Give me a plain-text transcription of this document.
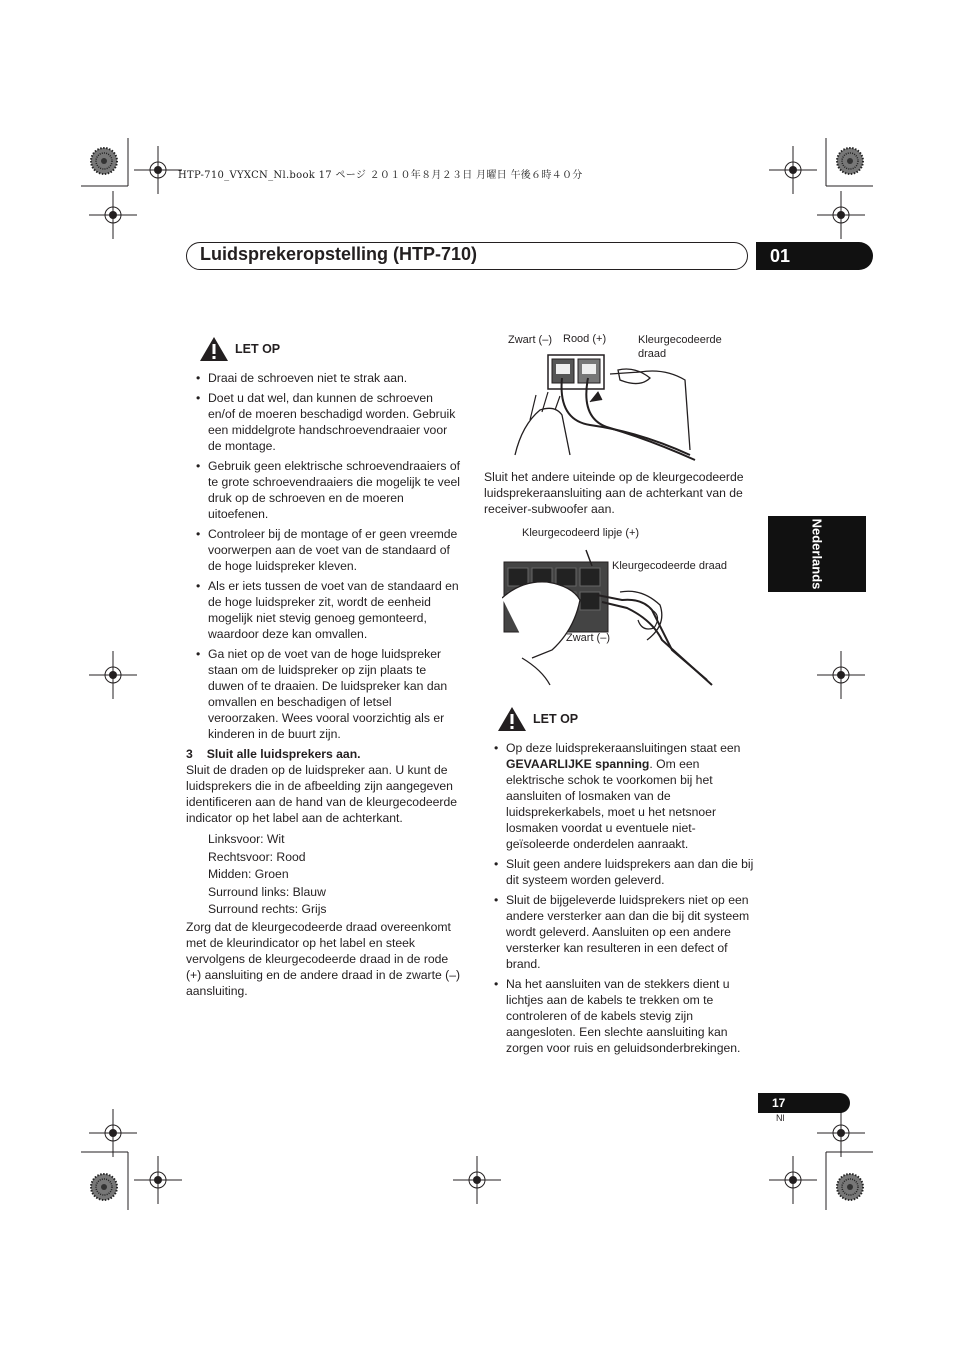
HTP-710_VYXCN_Nl.book 17 ページ ２０１０年８月２３日 月曜日 午後６時４０分
Luidsprekeropstelling (HTP-710)	01
Nederlands
LET OP
• Draai de schroeven niet te strak aan.
• Doet u dat wel, dan kunnen de schroeven en/of de moeren beschadigd worden. Gebruik een middelgrote handschroevendraaier voor de montage.
• Gebruik geen elektrische schroevendraaiers of te grote schroevendraaiers die mogelijk te veel druk op de schroeven en de moeren uitoefenen.
• Controleer bij de montage of er geen vreemde voorwerpen aan de voet van de standaard of de hoge luidspreker kleven.
• Als er iets tussen de voet van de standaard en de hoge luidspreker zit, wordt de eenheid mogelijk niet stevig genoeg gemonteerd, waardoor deze kan omvallen.
• Ga niet op de voet van de hoge luidspreker staan om de luidspreker op zijn plaats te duwen of te draaien. De luidspreker kan dan omvallen en beschadigen of letsel veroorzaken. Wees vooral voorzichtig als er kinderen in de buurt zijn.
3 Sluit alle luidsprekers aan.
Sluit de draden op de luidspreker aan. U kunt de luidsprekers die in de afbeelding zijn aangegeven identificeren aan de hand van de kleurgecodeerde indicator op het label aan de achterkant.
Linksvoor: Wit
Rechtsvoor: Rood
Midden: Groen
Surround links: Blauw
Surround rechts: Grijs
Zorg dat de kleurgecodeerde draad overeenkomt met de kleurindicator op het label en steek vervolgens de kleurgecodeerde draad in de rode (+) aansluiting en de andere draad in de zwarte (–) aansluiting.
Zwart (–) Rood (+)	Kleurgecodeerde
draad
Sluit het andere uiteinde op de kleurgecodeerde luidsprekeraansluiting aan de achterkant van de receiver-subwoofer aan.
Kleurgecodeerd lipje (+)
Kleurgecodeerde draad
Zwart (–)
LET OP
• Op deze luidsprekeraansluitingen staat een GEVAARLIJKE spanning. Om een elektrische schok te voorkomen bij het aansluiten of losmaken van de luidsprekerkabels, moet u het netsnoer losmaken voordat u eventuele niet-geïsoleerde onderdelen aanraakt.
• Sluit geen andere luidsprekers aan dan die bij dit systeem worden geleverd.
• Sluit de bijgeleverde luidsprekers niet op een andere versterker aan dan die bij dit systeem wordt geleverd. Aansluiten op een andere versterker kan resulteren in een defect of brand.
• Na het aansluiten van de stekkers dient u lichtjes aan de kabels te trekken om te controleren of de kabels stevig zijn aangesloten. Een slechte aansluiting kan zorgen voor ruis en geluidsonderbrekingen.
17
Nl
